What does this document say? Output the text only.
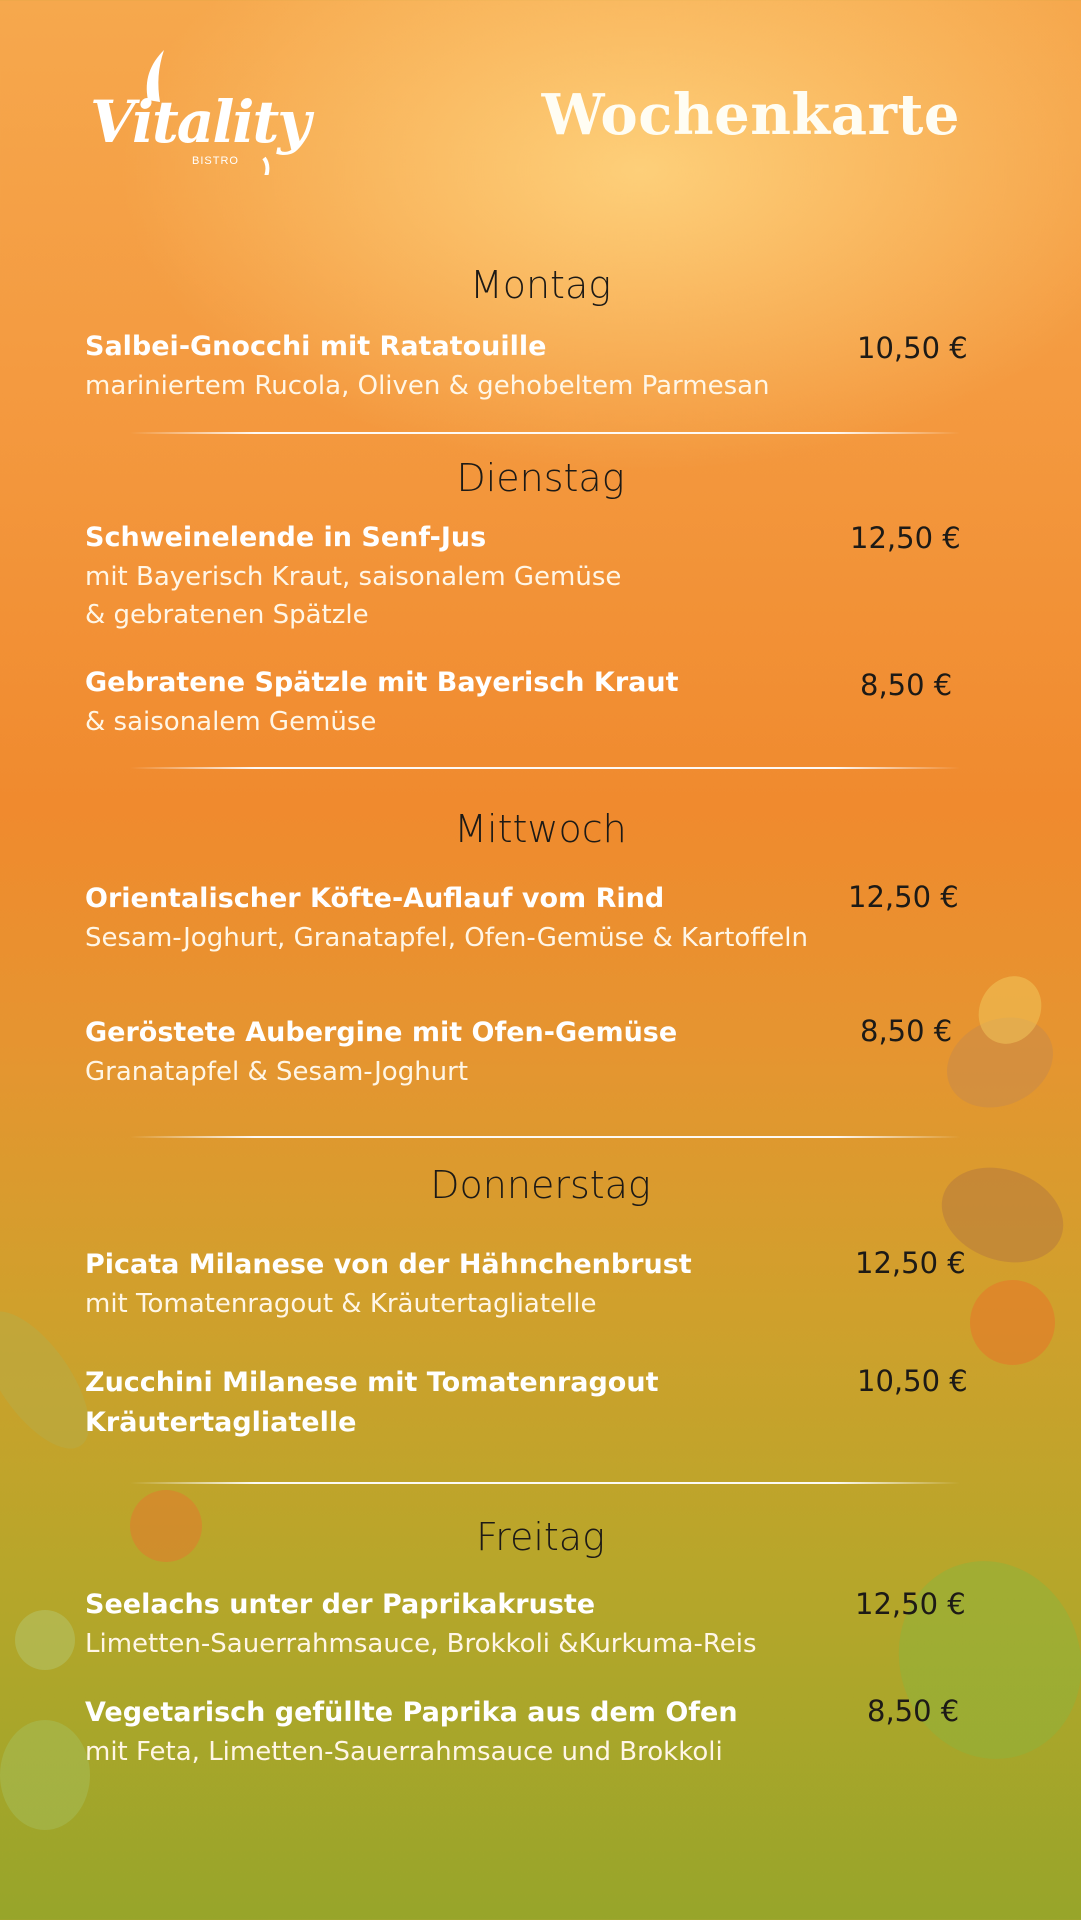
Vitality
BISTRO
Wochenkarte
Montag
Salbei-Gnocchi mit Ratatouille
mariniertem Rucola, Oliven & gehobeltem Parmesan
10,50 €
Dienstag
Schweinelende in Senf-Jus
mit Bayerisch Kraut, saisonalem Gemüse
& gebratenen Spätzle
12,50 €
Gebratene Spätzle mit Bayerisch Kraut
& saisonalem Gemüse
8,50 €
Mittwoch
Orientalischer Köfte-Auflauf vom Rind
Sesam-Joghurt, Granatapfel, Ofen-Gemüse & Kartoffeln
12,50 €
Geröstete Aubergine mit Ofen-Gemüse
Granatapfel & Sesam-Joghurt
8,50 €
Donnerstag
Picata Milanese von der Hähnchenbrust
mit Tomatenragout & Kräutertagliatelle
12,50 €
Zucchini Milanese mit Tomatenragout
Kräutertagliatelle
10,50 €
Freitag
Seelachs unter der Paprikakruste
Limetten-Sauerrahmsauce, Brokkoli &Kurkuma-Reis
12,50 €
Vegetarisch gefüllte Paprika aus dem Ofen
mit Feta, Limetten-Sauerrahmsauce und Brokkoli
8,50 €
